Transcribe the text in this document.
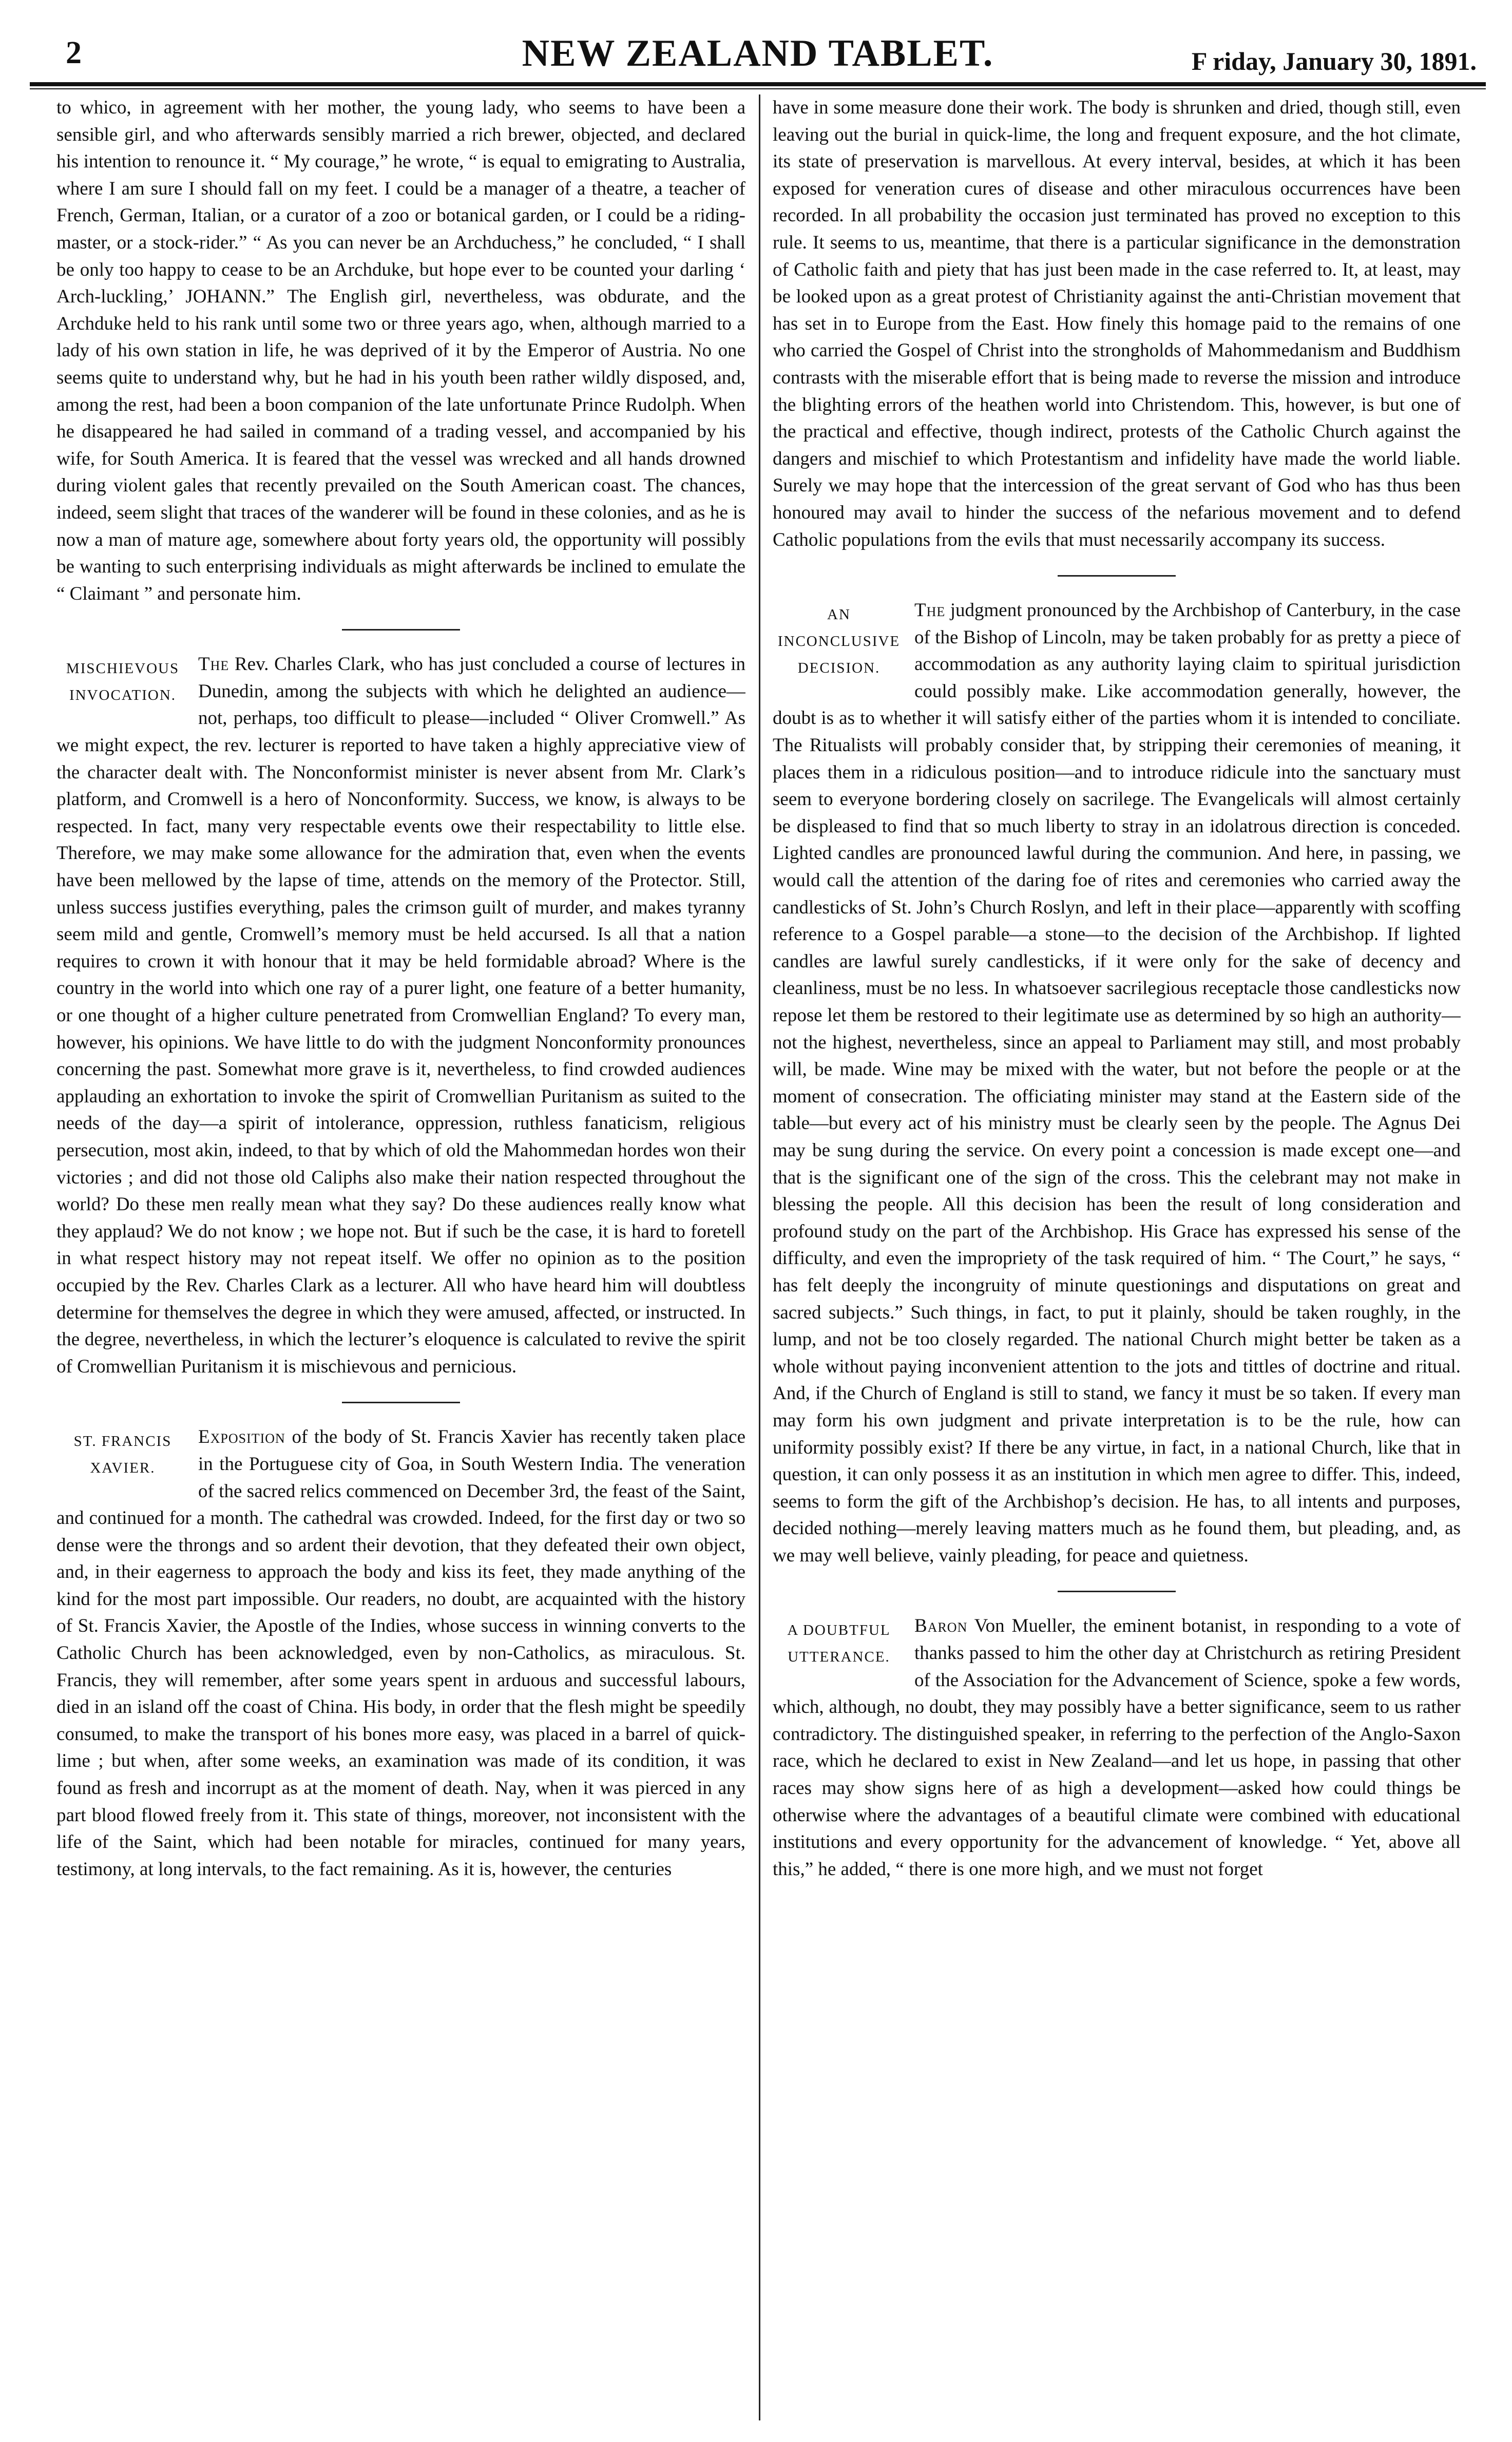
2	NEW ZEALAND TABLET.	F riday, January 30, 1891.

to whico, in agreement with her mother, the young lady, who seems to have been a sensible girl, and who afterwards sensibly married a rich brewer, objected, and declared his intention to renounce it. “ My courage,” he wrote, “ is equal to emigrating to Australia, where I am sure I should fall on my feet. I could be a manager of a theatre, a teacher of French, German, Italian, or a curator of a zoo or botanical garden, or I could be a riding-master, or a stock-rider.” “ As you can never be an Archduchess,” he concluded, “ I shall be only too happy to cease to be an Archduke, but hope ever to be counted your darling ‘ Arch-luckling,’ JOHANN.” The English girl, nevertheless, was obdurate, and the Archduke held to his rank until some two or three years ago, when, although married to a lady of his own station in life, he was deprived of it by the Emperor of Austria. No one seems quite to understand why, but he had in his youth been rather wildly disposed, and, among the rest, had been a boon companion of the late unfortunate Prince Rudolph. When he disappeared he had sailed in command of a trading vessel, and accompanied by his wife, for South America. It is feared that the vessel was wrecked and all hands drowned during violent gales that recently prevailed on the South American coast. The chances, indeed, seem slight that traces of the wanderer will be found in these colonies, and as he is now a man of mature age, somewhere about forty years old, the opportunity will possibly be wanting to such enterprising individuals as might afterwards be inclined to emulate the “ Claimant ” and personate him.

MISCHIEVOUS INVOCATION.

The Rev. Charles Clark, who has just concluded a course of lectures in Dunedin, among the subjects with which he delighted an audience—not, perhaps, too difficult to please—included “ Oliver Cromwell.” As we might expect, the rev. lecturer is reported to have taken a highly appreciative view of the character dealt with. The Nonconformist minister is never absent from Mr. Clark’s platform, and Cromwell is a hero of Nonconformity. Success, we know, is always to be respected. In fact, many very respectable events owe their respectability to little else. Therefore, we may make some allowance for the admiration that, even when the events have been mellowed by the lapse of time, attends on the memory of the Protector. Still, unless success justifies everything, pales the crimson guilt of murder, and makes tyranny seem mild and gentle, Cromwell’s memory must be held accursed. Is all that a nation requires to crown it with honour that it may be held formidable abroad? Where is the country in the world into which one ray of a purer light, one feature of a better humanity, or one thought of a higher culture penetrated from Cromwellian England? To every man, however, his opinions. We have little to do with the judgment Nonconformity pronounces concerning the past. Somewhat more grave is it, nevertheless, to find crowded audiences applauding an exhortation to invoke the spirit of Cromwellian Puritanism as suited to the needs of the day—a spirit of intolerance, oppression, ruthless fanaticism, religious persecution, most akin, indeed, to that by which of old the Mahommedan hordes won their victories ; and did not those old Caliphs also make their nation respected throughout the world? Do these men really mean what they say? Do these audiences really know what they applaud? We do not know ; we hope not. But if such be the case, it is hard to foretell in what respect history may not repeat itself. We offer no opinion as to the position occupied by the Rev. Charles Clark as a lecturer. All who have heard him will doubtless determine for themselves the degree in which they were amused, affected, or instructed. In the degree, nevertheless, in which the lecturer’s eloquence is calculated to revive the spirit of Cromwellian Puritanism it is mischievous and pernicious.

ST. FRANCIS XAVIER.

Exposition of the body of St. Francis Xavier has recently taken place in the Portuguese city of Goa, in South Western India. The veneration of the sacred relics commenced on December 3rd, the feast of the Saint, and continued for a month. The cathedral was crowded. Indeed, for the first day or two so dense were the throngs and so ardent their devotion, that they defeated their own object, and, in their eagerness to approach the body and kiss its feet, they made anything of the kind for the most part impossible. Our readers, no doubt, are acquainted with the history of St. Francis Xavier, the Apostle of the Indies, whose success in winning converts to the Catholic Church has been acknowledged, even by non-Catholics, as miraculous. St. Francis, they will remember, after some years spent in arduous and successful labours, died in an island off the coast of China. His body, in order that the flesh might be speedily consumed, to make the transport of his bones more easy, was placed in a barrel of quick-lime ; but when, after some weeks, an examination was made of its condition, it was found as fresh and incorrupt as at the moment of death. Nay, when it was pierced in any part blood flowed freely from it. This state of things, moreover, not inconsistent with the life of the Saint, which had been notable for miracles, continued for many years, testimony, at long intervals, to the fact remaining. As it is, however, the centuries

have in some measure done their work. The body is shrunken and dried, though still, even leaving out the burial in quick-lime, the long and frequent exposure, and the hot climate, its state of preservation is marvellous. At every interval, besides, at which it has been exposed for veneration cures of disease and other miraculous occurrences have been recorded. In all probability the occasion just terminated has proved no exception to this rule. It seems to us, meantime, that there is a particular significance in the demonstration of Catholic faith and piety that has just been made in the case referred to. It, at least, may be looked upon as a great protest of Christianity against the anti-Christian movement that has set in to Europe from the East. How finely this homage paid to the remains of one who carried the Gospel of Christ into the strongholds of Mahommedanism and Buddhism contrasts with the miserable effort that is being made to reverse the mission and introduce the blighting errors of the heathen world into Christendom. This, however, is but one of the practical and effective, though indirect, protests of the Catholic Church against the dangers and mischief to which Protestantism and infidelity have made the world liable. Surely we may hope that the intercession of the great servant of God who has thus been honoured may avail to hinder the success of the nefarious movement and to defend Catholic populations from the evils that must necessarily accompany its success.

AN INCONCLUSIVE DECISION.

The judgment pronounced by the Archbishop of Canterbury, in the case of the Bishop of Lincoln, may be taken probably for as pretty a piece of accommodation as any authority laying claim to spiritual jurisdiction could possibly make. Like accommodation generally, however, the doubt is as to whether it will satisfy either of the parties whom it is intended to conciliate. The Ritualists will probably consider that, by stripping their ceremonies of meaning, it places them in a ridiculous position—and to introduce ridicule into the sanctuary must seem to everyone bordering closely on sacrilege. The Evangelicals will almost certainly be displeased to find that so much liberty to stray in an idolatrous direction is conceded. Lighted candles are pronounced lawful during the communion. And here, in passing, we would call the attention of the daring foe of rites and ceremonies who carried away the candlesticks of St. John’s Church Roslyn, and left in their place—apparently with scoffing reference to a Gospel parable—a stone—to the decision of the Archbishop. If lighted candles are lawful surely candlesticks, if it were only for the sake of decency and cleanliness, must be no less. In whatsoever sacrilegious receptacle those candlesticks now repose let them be restored to their legitimate use as determined by so high an authority—not the highest, nevertheless, since an appeal to Parliament may still, and most probably will, be made. Wine may be mixed with the water, but not before the people or at the moment of consecration. The officiating minister may stand at the Eastern side of the table—but every act of his ministry must be clearly seen by the people. The Agnus Dei may be sung during the service. On every point a concession is made except one—and that is the significant one of the sign of the cross. This the celebrant may not make in blessing the people. All this decision has been the result of long consideration and profound study on the part of the Archbishop. His Grace has expressed his sense of the difficulty, and even the impropriety of the task required of him. “ The Court,” he says, “ has felt deeply the incongruity of minute questionings and disputations on great and sacred subjects.” Such things, in fact, to put it plainly, should be taken roughly, in the lump, and not be too closely regarded. The national Church might better be taken as a whole without paying inconvenient attention to the jots and tittles of doctrine and ritual. And, if the Church of England is still to stand, we fancy it must be so taken. If every man may form his own judgment and private interpretation is to be the rule, how can uniformity possibly exist? If there be any virtue, in fact, in a national Church, like that in question, it can only possess it as an institution in which men agree to differ. This, indeed, seems to form the gift of the Archbishop’s decision. He has, to all intents and purposes, decided nothing—merely leaving matters much as he found them, but pleading, and, as we may well believe, vainly pleading, for peace and quietness.

A DOUBTFUL UTTERANCE.

Baron Von Mueller, the eminent botanist, in responding to a vote of thanks passed to him the other day at Christchurch as retiring President of the Association for the Advancement of Science, spoke a few words, which, although, no doubt, they may possibly have a better significance, seem to us rather contradictory. The distinguished speaker, in referring to the perfection of the Anglo-Saxon race, which he declared to exist in New Zealand—and let us hope, in passing that other races may show signs here of as high a development—asked how could things be otherwise where the advantages of a beautiful climate were combined with educational institutions and every opportunity for the advancement of knowledge. “ Yet, above all this,” he added, “ there is one more high, and we must not forget
